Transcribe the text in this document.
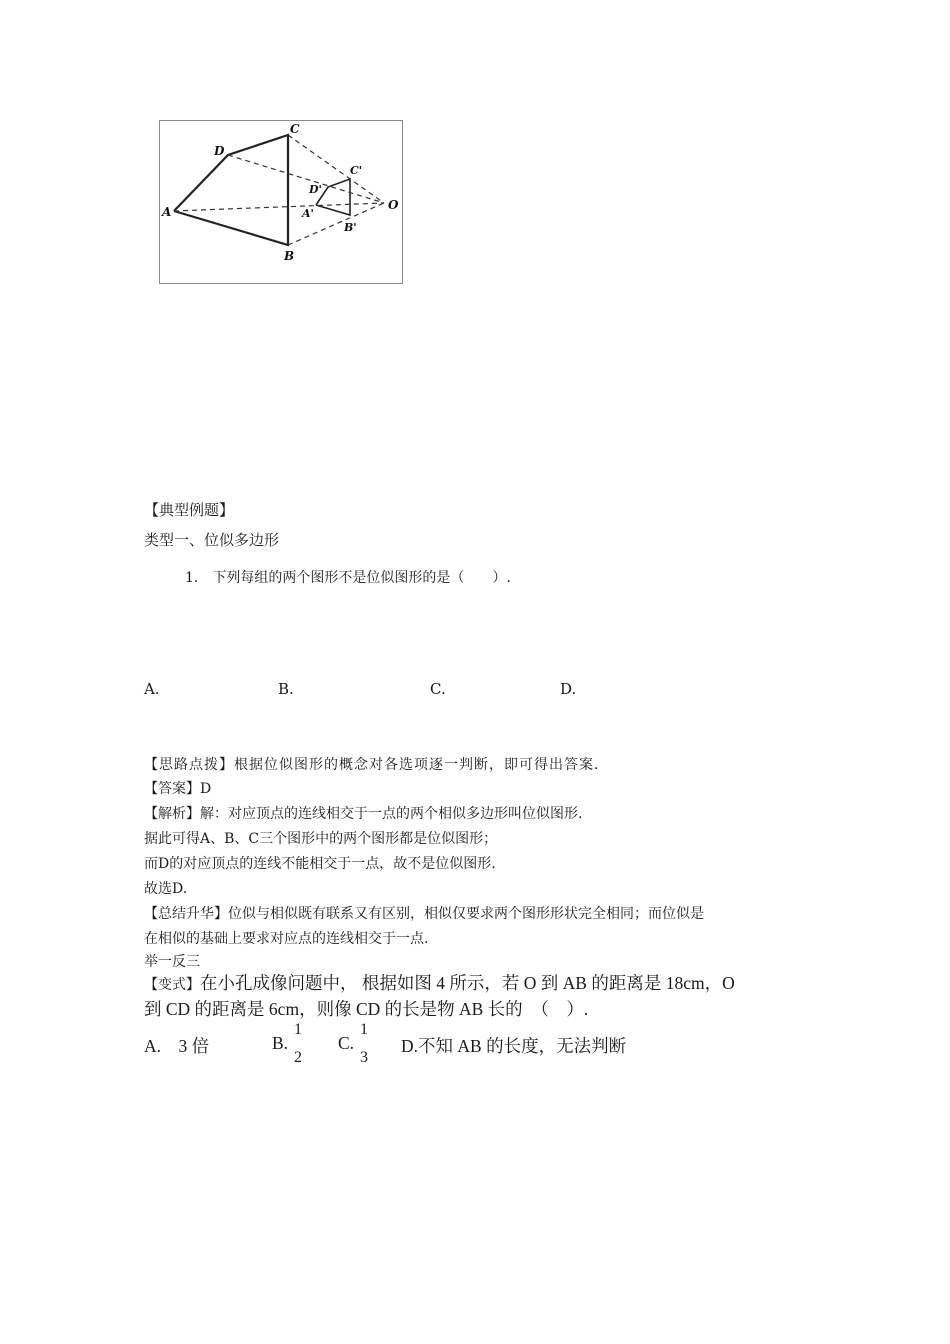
A
B
C
D
A'
B'
C'
D'
O
【典型例题】
类型一、位似多边形
1.　下列每组的两个图形不是位似图形的是（　　）.
A.	B.	C.	D.
【思路点拨】根据位似图形的概念对各选项逐一判断，即可得出答案.
【答案】D
【解析】解：对应顶点的连线相交于一点的两个相似多边形叫位似图形.
据此可得A、B、C三个图形中的两个图形都是位似图形；
而D的对应顶点的连线不能相交于一点，故不是位似图形.
故选D.
【总结升华】位似与相似既有联系又有区别，相似仅要求两个图形形状完全相同；而位似是
在相似的基础上要求对应点的连线相交于一点.
举一反三
【变式】在小孔成像问题中， 根据如图 4 所示，若 O 到 AB 的距离是 18cm，O
到 CD 的距离是 6cm，则像 CD 的长是物 AB 长的　（　）.
A.　3 倍	B.
1
2
C.
1
3
D.不知 AB 的长度，无法判断
